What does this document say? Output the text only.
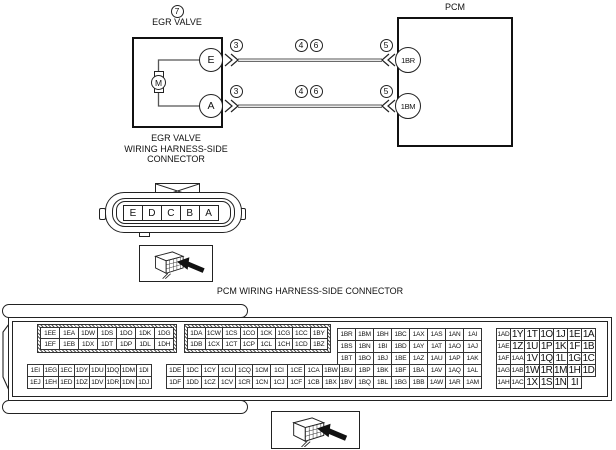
7
EGR VALVE
M
E
A
3
3
4	6
4	6
5
5
PCM
1BR
1BM
EGR VALVE
WIRING HARNESS-SIDE
CONNECTOR
E	D	C	B	A
PCM WIRING HARNESS-SIDE CONNECTOR
1EE	1EA	1DW	1DS	1DO	1DK	1DG
1EF	1EB	1DX	1DT	1DP	1DL	1DH
1DA	1CW	1CS	1CO	1CK	1CG	1CC	1BY
1DB	1CX	1CT	1CP	1CL	1CH	1CD	1BZ
1BR	1BM	1BH	1BC	1AX	1AS	1AN	1AI
1BS	1BN	1BI	1BD	1AY	1AT	1AO	1AJ
1BT	1BO	1BJ	1BE	1AZ	1AU	1AP	1AK
1BU	1BP	1BK	1BF	1BA	1AV	1AQ	1AL
1BV	1BQ	1BL	1BG	1BB	1AW	1AR	1AM
1AD	1Y	1T	1O	1J	1E	1A
1AE	1Z	1U	1P	1K	1F	1B
1AF	1AA	1V	1Q	1L	1G	1C
1AG	1AB	1W	1R	1M	1H	1D
1AH	1AC	1X	1S	1N	1I	
1EI	1EG	1EC	1DY	1DU	1DQ	1DM	1DI
1EJ	1EH	1ED	1DZ	1DV	1DR	1DN	1DJ
1DE	1DC	1CY	1CU	1CQ	1CM	1CI	1CE	1CA	1BW
1DF	1DD	1CZ	1CV	1CR	1CN	1CJ	1CF	1CB	1BX
